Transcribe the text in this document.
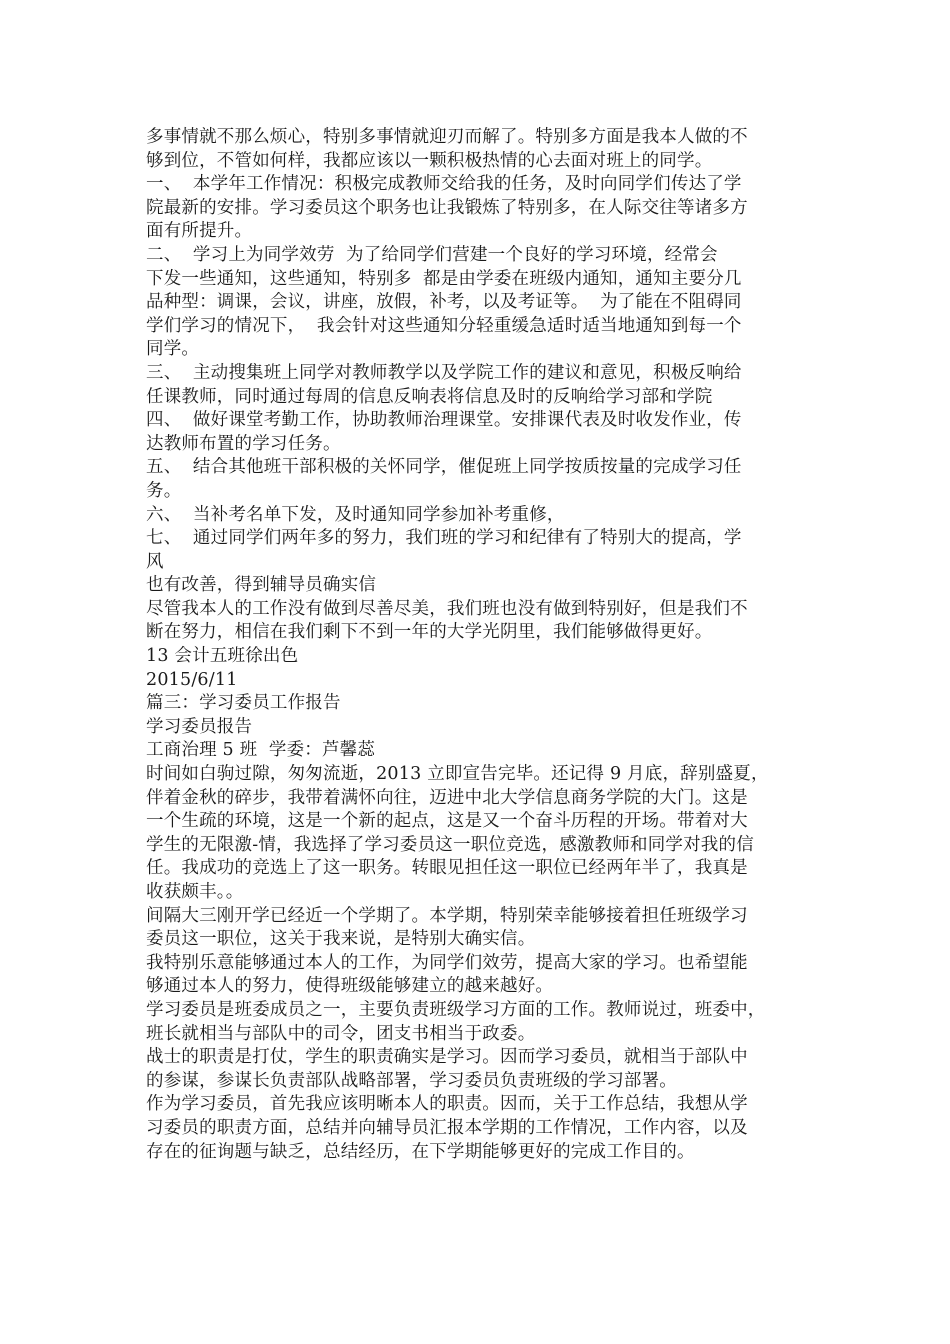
多事情就不那么烦心，特别多事情就迎刃而解了。特别多方面是我本人做的不
够到位，不管如何样，我都应该以一颗积极热情的心去面对班上的同学。
一、  本学年工作情况：积极完成教师交给我的任务，及时向同学们传达了学
院最新的安排。学习委员这个职务也让我锻炼了特别多，在人际交往等诸多方
面有所提升。
二、  学习上为同学效劳  为了给同学们营建一个良好的学习环境，经常会
下发一些通知，这些通知，特别多  都是由学委在班级内通知，通知主要分几
品种型：调课，会议，讲座，放假，补考，以及考证等。  为了能在不阻碍同
学们学习的情况下，  我会针对这些通知分轻重缓急适时适当地通知到每一个
同学。
三、  主动搜集班上同学对教师教学以及学院工作的建议和意见，积极反响给
任课教师，同时通过每周的信息反响表将信息及时的反响给学习部和学院
四、  做好课堂考勤工作，协助教师治理课堂。安排课代表及时收发作业，传
达教师布置的学习任务。
五、  结合其他班干部积极的关怀同学，催促班上同学按质按量的完成学习任
务。
六、  当补考名单下发，及时通知同学参加补考重修，
七、  通过同学们两年多的努力，我们班的学习和纪律有了特别大的提高，学
风
也有改善，得到辅导员确实信
尽管我本人的工作没有做到尽善尽美，我们班也没有做到特别好，但是我们不
断在努力，相信在我们剩下不到一年的大学光阴里，我们能够做得更好。
13 会计五班徐出色
2015/6/11
篇三：学习委员工作报告
学习委员报告
工商治理 5 班  学委：芦馨蕊
时间如白驹过隙，匆匆流逝，2013 立即宣告完毕。还记得 9 月底，辞别盛夏，
伴着金秋的碎步，我带着满怀向往，迈进中北大学信息商务学院的大门。这是
一个生疏的环境，这是一个新的起点，这是又一个奋斗历程的开场。带着对大
学生的无限激-情，我选择了学习委员这一职位竞选，感激教师和同学对我的信
任。我成功的竞选上了这一职务。转眼见担任这一职位已经两年半了，我真是
收获颇丰。。
间隔大三刚开学已经近一个学期了。本学期，特别荣幸能够接着担任班级学习
委员这一职位，这关于我来说，是特别大确实信。
我特别乐意能够通过本人的工作，为同学们效劳，提高大家的学习。也希望能
够通过本人的努力，使得班级能够建立的越来越好。
学习委员是班委成员之一，主要负责班级学习方面的工作。教师说过，班委中，
班长就相当与部队中的司令，团支书相当于政委。
战士的职责是打仗，学生的职责确实是学习。因而学习委员，就相当于部队中
的参谋，参谋长负责部队战略部署，学习委员负责班级的学习部署。
作为学习委员，首先我应该明晰本人的职责。因而，关于工作总结，我想从学
习委员的职责方面，总结并向辅导员汇报本学期的工作情况，工作内容，以及
存在的征询题与缺乏，总结经历，在下学期能够更好的完成工作目的。
